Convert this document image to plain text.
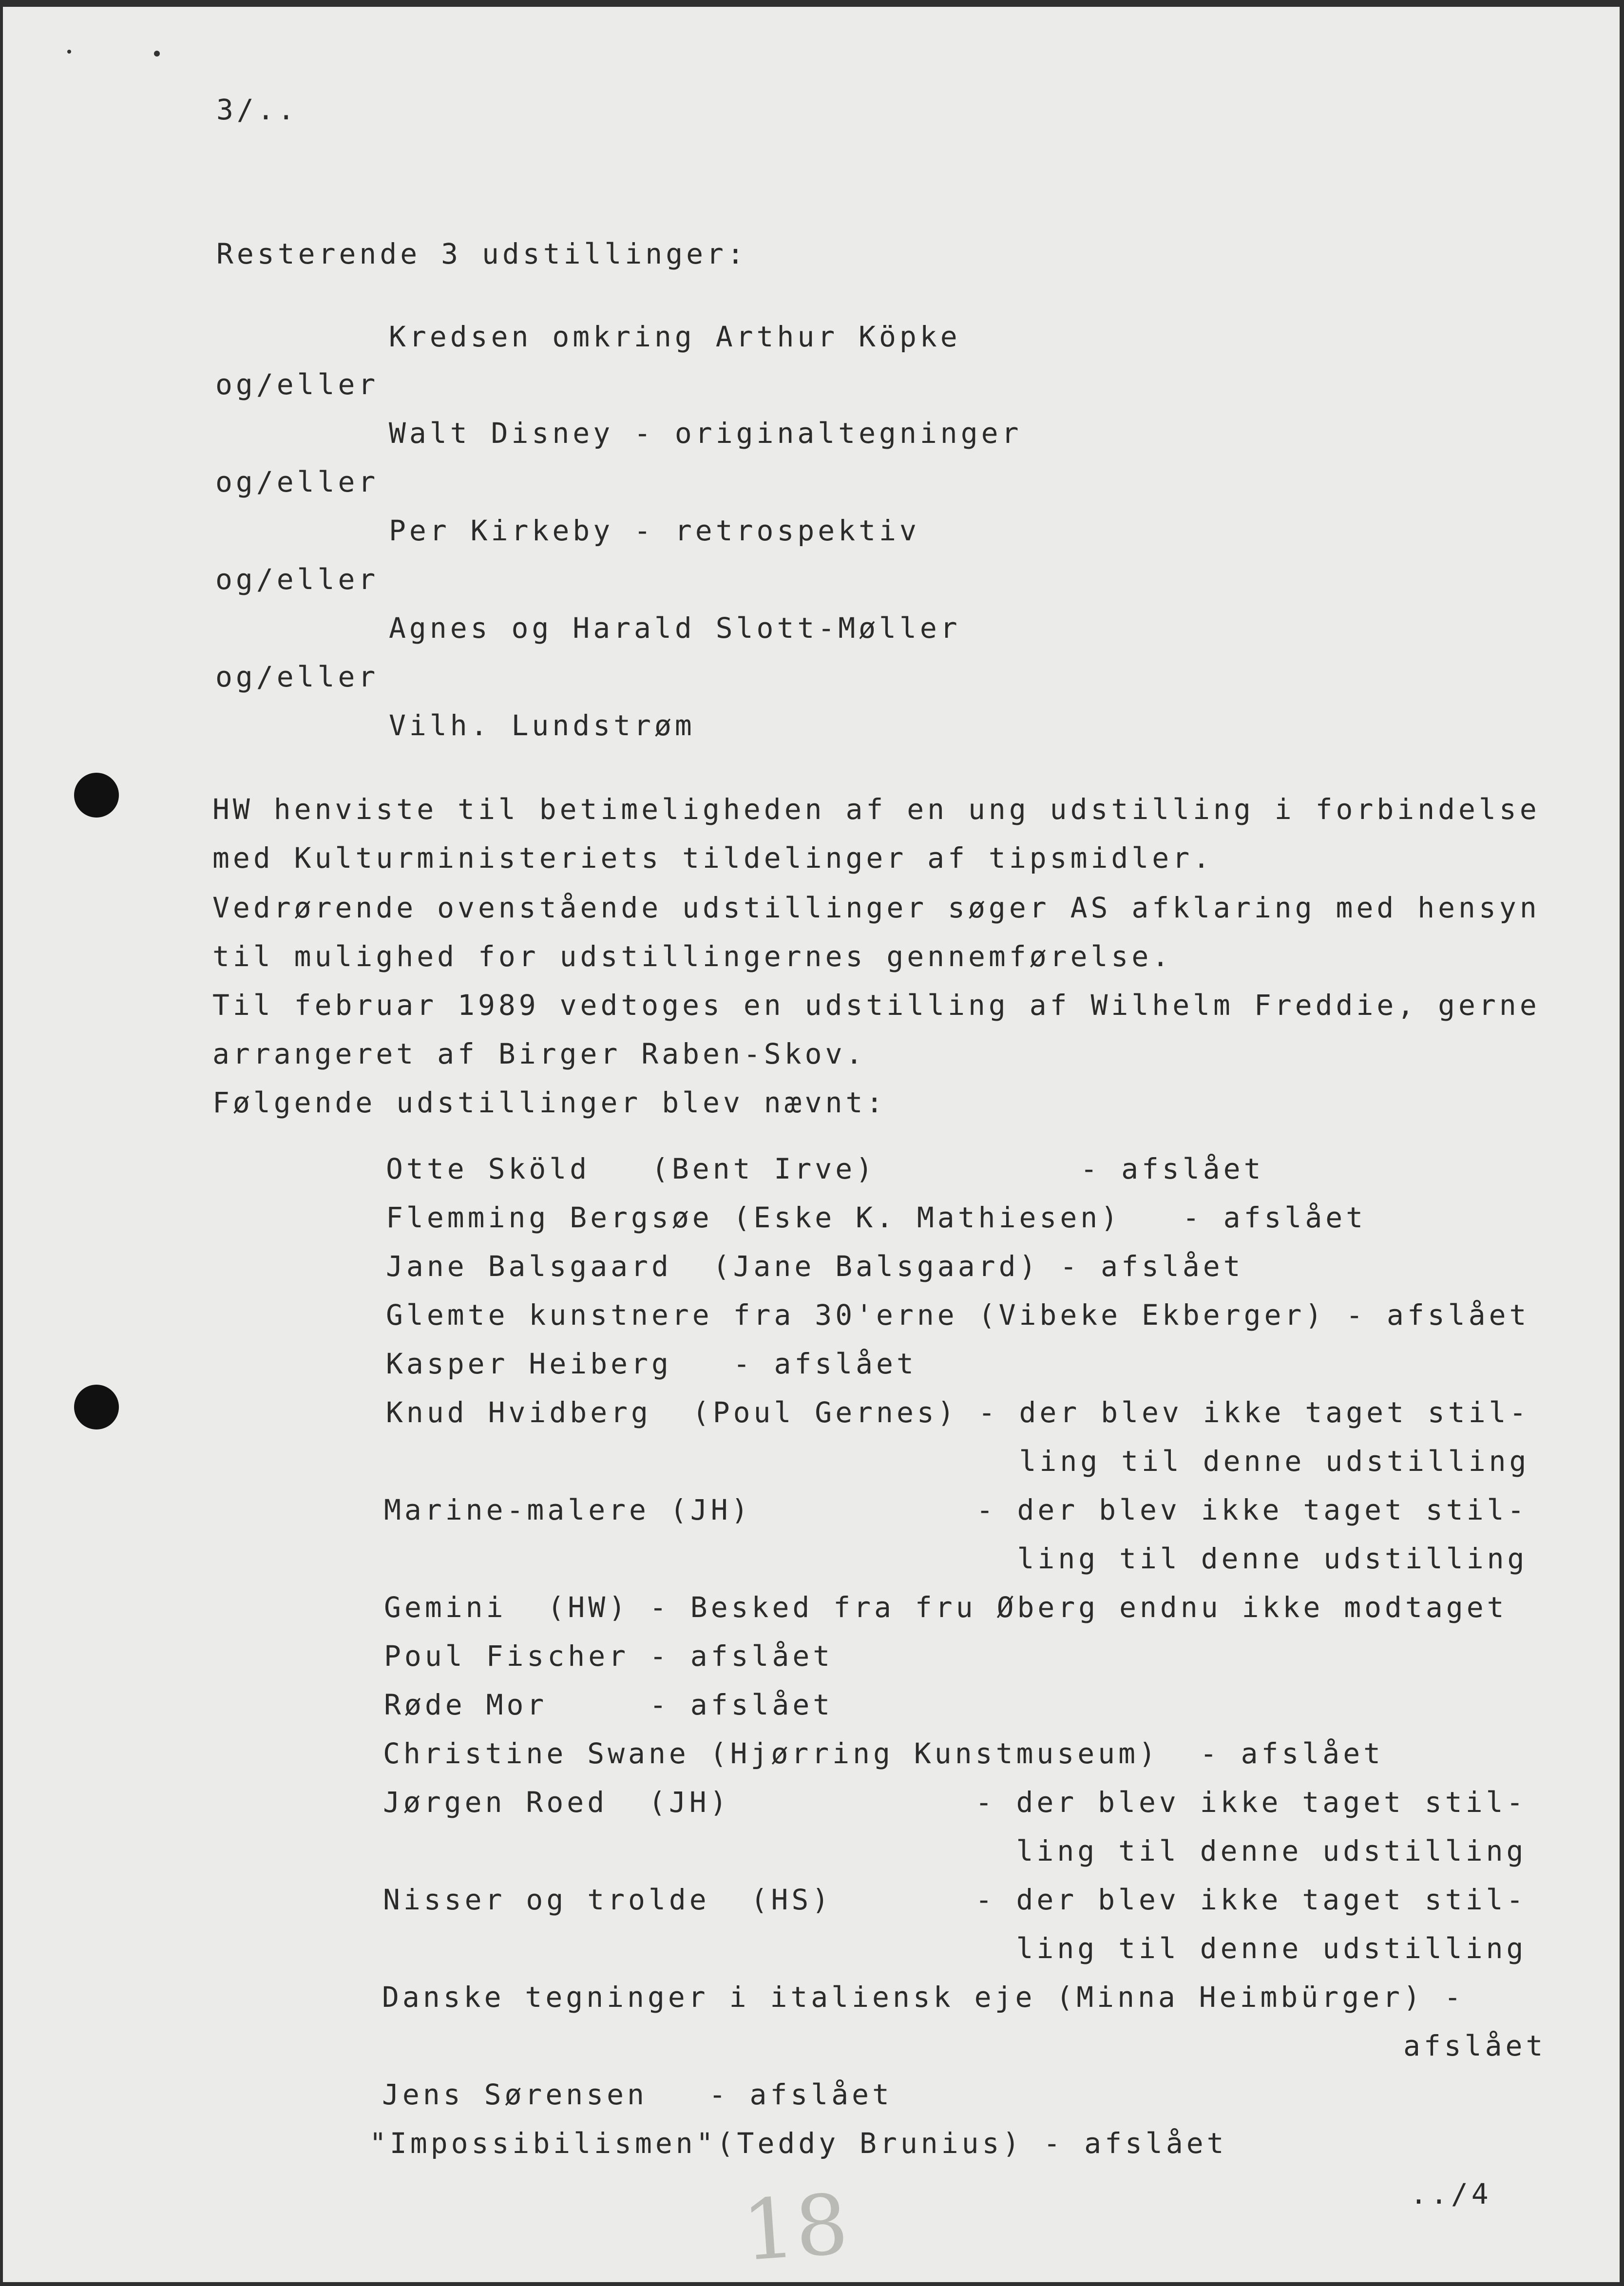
3/..
Resterende 3 udstillinger:
Kredsen omkring Arthur Köpke
og/eller
Walt Disney - originaltegninger
og/eller
Per Kirkeby - retrospektiv
og/eller
Agnes og Harald Slott-Møller
og/eller
Vilh. Lundstrøm
HW henviste til betimeligheden af en ung udstilling i forbindelse
med Kulturministeriets tildelinger af tipsmidler.
Vedrørende ovenstående udstillinger søger AS afklaring med hensyn
til mulighed for udstillingernes gennemførelse.
Til februar 1989 vedtoges en udstilling af Wilhelm Freddie, gerne
arrangeret af Birger Raben-Skov.
Følgende udstillinger blev nævnt:
Otte Sköld   (Bent Irve)          - afslået
Flemming Bergsøe (Eske K. Mathiesen)   - afslået
Jane Balsgaard  (Jane Balsgaard) - afslået
Glemte kunstnere fra 30'erne (Vibeke Ekberger) - afslået
Kasper Heiberg   - afslået
Knud Hvidberg  (Poul Gernes) - der blev ikke taget stil-
ling til denne udstilling
Marine-malere (JH)           - der blev ikke taget stil-
ling til denne udstilling
Gemini  (HW) - Besked fra fru Øberg endnu ikke modtaget
Poul Fischer - afslået
Røde Mor     - afslået
Christine Swane (Hjørring Kunstmuseum)  - afslået
Jørgen Roed  (JH)            - der blev ikke taget stil-
ling til denne udstilling
Nisser og trolde  (HS)       - der blev ikke taget stil-
ling til denne udstilling
Danske tegninger i italiensk eje (Minna Heimbürger) -
afslået
Jens Sørensen   - afslået
"Impossibilismen"(Teddy Brunius) - afslået
../4
18
